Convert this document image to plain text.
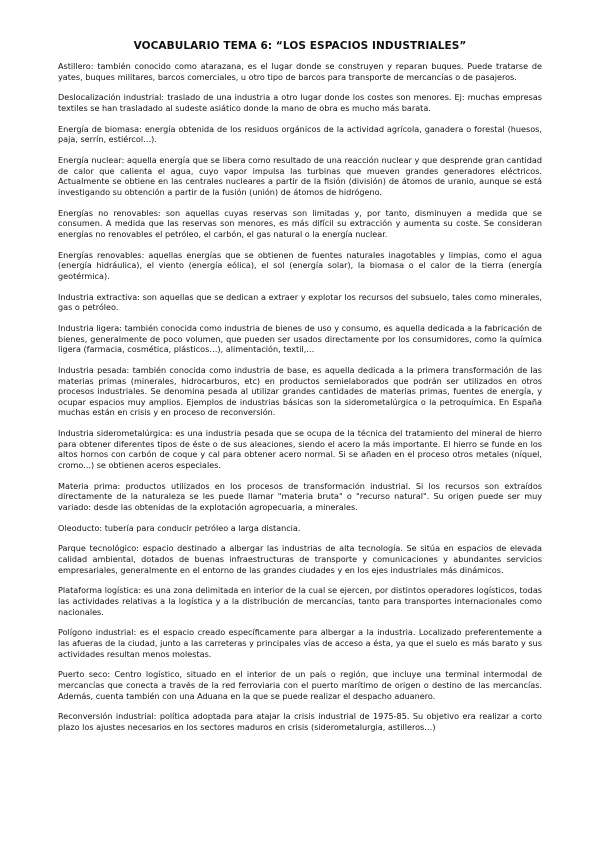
VOCABULARIO TEMA 6: “LOS ESPACIOS INDUSTRIALES”
Astillero: también conocido como atarazana, es el lugar donde se construyen y reparan buques. Puede tratarse de yates, buques militares, barcos comerciales, u otro tipo de barcos para transporte de mercancías o de pasajeros.
Deslocalización industrial: traslado de una industria a otro lugar donde los costes son menores. Ej: muchas empresas textiles se han trasladado al sudeste asiático donde la mano de obra es mucho más barata.
Energía de biomasa: energía obtenida de los residuos orgánicos de la actividad agrícola, ganadera o forestal (huesos, paja, serrín, estiércol…).
Energía nuclear: aquella energía que se libera como resultado de una reacción nuclear y que desprende gran cantidad de calor que calienta el agua, cuyo vapor impulsa las turbinas que mueven grandes generadores eléctricos. Actualmente se obtiene en las centrales nucleares a partir de la fisión (división) de átomos de uranio, aunque se está investigando su obtención a partir de la fusión (unión) de átomos de hidrógeno.
Energías no renovables: son aquellas cuyas reservas son limitadas y, por tanto, disminuyen a medida que se consumen. A medida que las reservas son menores, es más difícil su extracción y aumenta su coste. Se consideran energías no renovables el petróleo, el carbón, el gas natural o la energía nuclear.
Energías renovables: aquellas energías que se obtienen de fuentes naturales inagotables y limpias, como el agua (energía hidráulica), el viento (energía eólica), el sol (energía solar), la biomasa o el calor de la tierra (energía geotérmica).
Industria extractiva: son aquellas que se dedican a extraer y explotar los recursos del subsuelo, tales como minerales, gas o petróleo.
Industria ligera: también conocida como industria de bienes de uso y consumo, es aquella dedicada a la fabricación de bienes, generalmente de poco volumen, que pueden ser usados directamente por los consumidores, como la química ligera (farmacia, cosmética, plásticos…), alimentación, textil,…
Industria pesada: también conocida como industria de base, es aquella dedicada a la primera transformación de las materias primas (minerales, hidrocarburos, etc) en productos semielaborados que podrán ser utilizados en otros procesos industriales. Se denomina pesada al utilizar grandes cantidades de materias primas, fuentes de energía, y ocupar espacios muy amplios. Ejemplos de industrias básicas son la siderometalúrgica o la petroquímica. En España muchas están en crisis y en proceso de reconversión.
Industria siderometalúrgica: es una industria pesada que se ocupa de la técnica del tratamiento del mineral de hierro para obtener diferentes tipos de éste o de sus aleaciones, siendo el acero la más importante. El hierro se funde en los altos hornos con carbón de coque y cal para obtener acero normal. Si se añaden en el proceso otros metales (níquel, cromo...) se obtienen aceros especiales.
Materia prima: productos utilizados en los procesos de transformación industrial. Si los recursos son extraídos directamente de la naturaleza se les puede llamar "materia bruta" o "recurso natural". Su origen puede ser muy variado: desde las obtenidas de la explotación agropecuaria, a minerales.
Oleoducto: tubería para conducir petróleo a larga distancia.
Parque tecnológico: espacio destinado a albergar las industrias de alta tecnología. Se sitúa en espacios de elevada calidad ambiental, dotados de buenas infraestructuras de transporte y comunicaciones y abundantes servicios empresariales, generalmente en el entorno de las grandes ciudades y en los ejes industriales más dinámicos.
Plataforma logística: es una zona delimitada en interior de la cual se ejercen, por distintos operadores logísticos, todas las actividades relativas a la logística y a la distribución de mercancías, tanto para transportes internacionales como nacionales.
Polígono industrial: es el espacio creado específicamente para albergar a la industria. Localizado preferentemente a las afueras de la ciudad, junto a las carreteras y principales vías de acceso a ésta, ya que el suelo es más barato y sus actividades resultan menos molestas.
Puerto seco: Centro logístico, situado en el interior de un país o región, que incluye una terminal intermodal de mercancías que conecta a través de la red ferroviaria con el puerto marítimo de origen o destino de las mercancías. Además, cuenta también con una Aduana en la que se puede realizar el despacho aduanero.
Reconversión industrial: política adoptada para atajar la crisis industrial de 1975-85. Su objetivo era realizar a corto plazo los ajustes necesarios en los sectores maduros en crisis (siderometalurgia, astilleros…)
